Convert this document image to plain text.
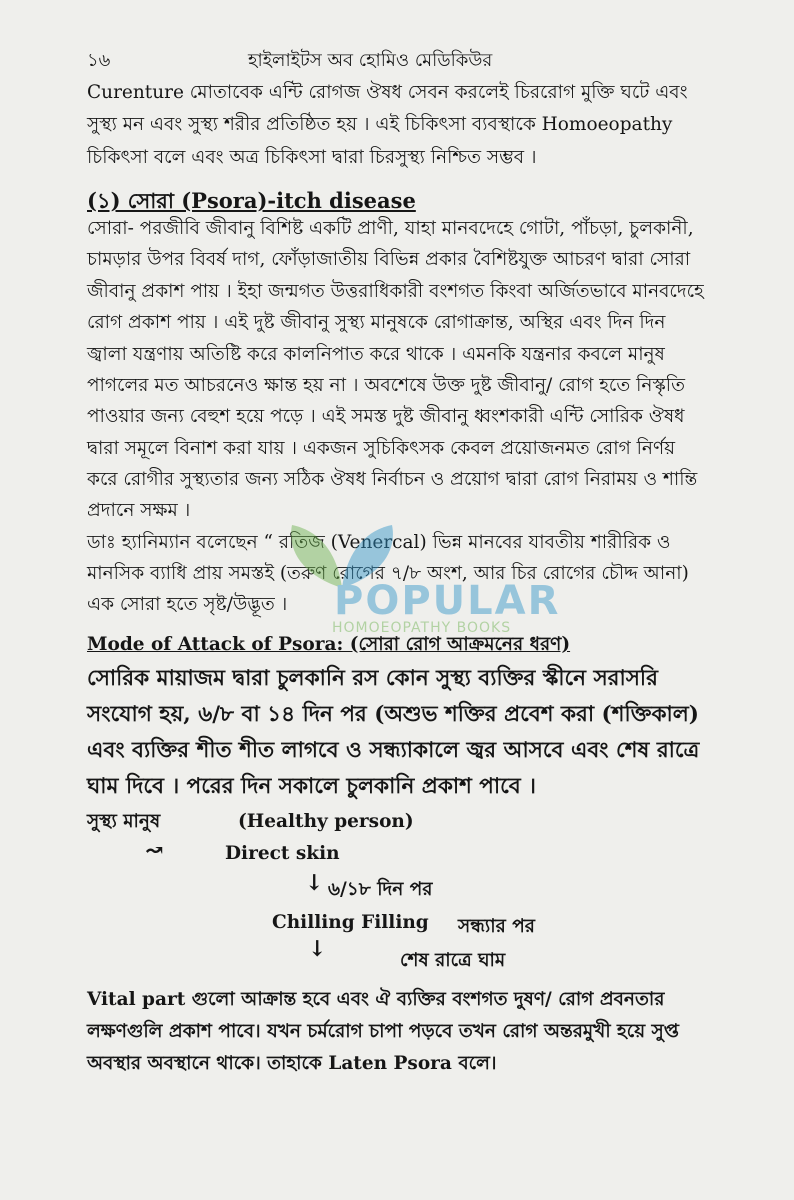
১৬	হাইলাইটস অব হোমিও মেডিকিউর
Curenture মোতাবেক এন্টি রোগজ ঔষধ সেবন করলেই চিররোগ মুক্তি ঘটে এবং
সুস্থ্য মন এবং সুস্থ্য শরীর প্রতিষ্ঠিত হয় । এই চিকিৎসা ব্যবস্থাকে Homoeopathy
চিকিৎসা বলে এবং অত্র চিকিৎসা দ্বারা চিরসুস্থ্য নিশ্চিত সম্ভব ।
(১) সোরা (Psora)-itch disease
সোরা- পরজীবি জীবানু বিশিষ্ট একটি প্রাণী, যাহা মানবদেহে গোটা, পাঁচড়া, চুলকানী,
চামড়ার উপর বিবর্ষ দাগ, ফোঁড়াজাতীয় বিভিন্ন প্রকার বৈশিষ্টযুক্ত আচরণ দ্বারা সোরা
জীবানু প্রকাশ পায় । ইহা জন্মগত উত্তরাধিকারী বংশগত কিংবা অর্জিতভাবে মানবদেহে
রোগ প্রকাশ পায় । এই দুষ্ট জীবানু সুস্থ্য মানুষকে রোগাক্রান্ত, অস্থির এবং দিন দিন
জ্বালা যন্ত্রণায় অতিষ্টি করে কালনিপাত করে থাকে । এমনকি যন্ত্রনার কবলে মানুষ
পাগলের মত আচরনেও ক্ষান্ত হয় না । অবশেষে উক্ত দুষ্ট জীবানু/ রোগ হতে নিস্কৃতি
পাওয়ার জন্য বেহুশ হয়ে পড়ে । এই সমস্ত দুষ্ট জীবানু ধ্বংশকারী এন্টি সোরিক ঔষধ
দ্বারা সমূলে বিনাশ করা যায় । একজন সুচিকিৎসক কেবল প্রয়োজনমত রোগ নির্ণয়
করে রোগীর সুস্থ্যতার জন্য সঠিক ঔষধ নির্বাচন ও প্রয়োগ দ্বারা রোগ নিরাময় ও শান্তি
প্রদানে সক্ষম ।
ডাঃ হ্যানিম্যান বলেছেন “ রতিজ (Venercal) ভিন্ন মানবের যাবতীয় শারীরিক ও
মানসিক ব্যাধি প্রায় সমস্তই (তরুণ রোগের ৭/৮ অংশ, আর চির রোগের চৌদ্দ আনা)
এক সোরা হতে সৃষ্ট/উদ্ভূত । POPULAR
HOMOEOPATHY BOOKS
Mode of Attack of Psora: (সোরা রোগ আক্রমনের ধরণ)
সোরিক মায়াজম দ্বারা চুলকানি রস কোন সুস্থ্য ব্যক্তির স্কীনে সরাসরি
সংযোগ হয়, ৬/৮ বা ১৪ দিন পর (অশুভ শক্তির প্রবেশ করা (শক্তিকাল)
এবং ব্যক্তির শীত শীত লাগবে ও সন্ধ্যাকালে জ্বর আসবে এবং শেষ রাত্রে
ঘাম দিবে । পরের দিন সকালে চুলকানি প্রকাশ পাবে ।
সুস্থ্য মানুষ	(Healthy person)
↝	Direct skin
↓ ৬/১৮ দিন পর
Chilling Filling সন্ধ্যার পর
↓	শেষ রাত্রে ঘাম
Vital part গুলো আক্রান্ত হবে এবং ঐ ব্যক্তির বংশগত দুষণ/ রোগ প্রবনতার
লক্ষণগুলি প্রকাশ পাবে। যখন চর্মরোগ চাপা পড়বে তখন রোগ অন্তরমুখী হয়ে সুপ্ত
অবস্থার অবস্থানে থাকে। তাহাকে Laten Psora বলে।
